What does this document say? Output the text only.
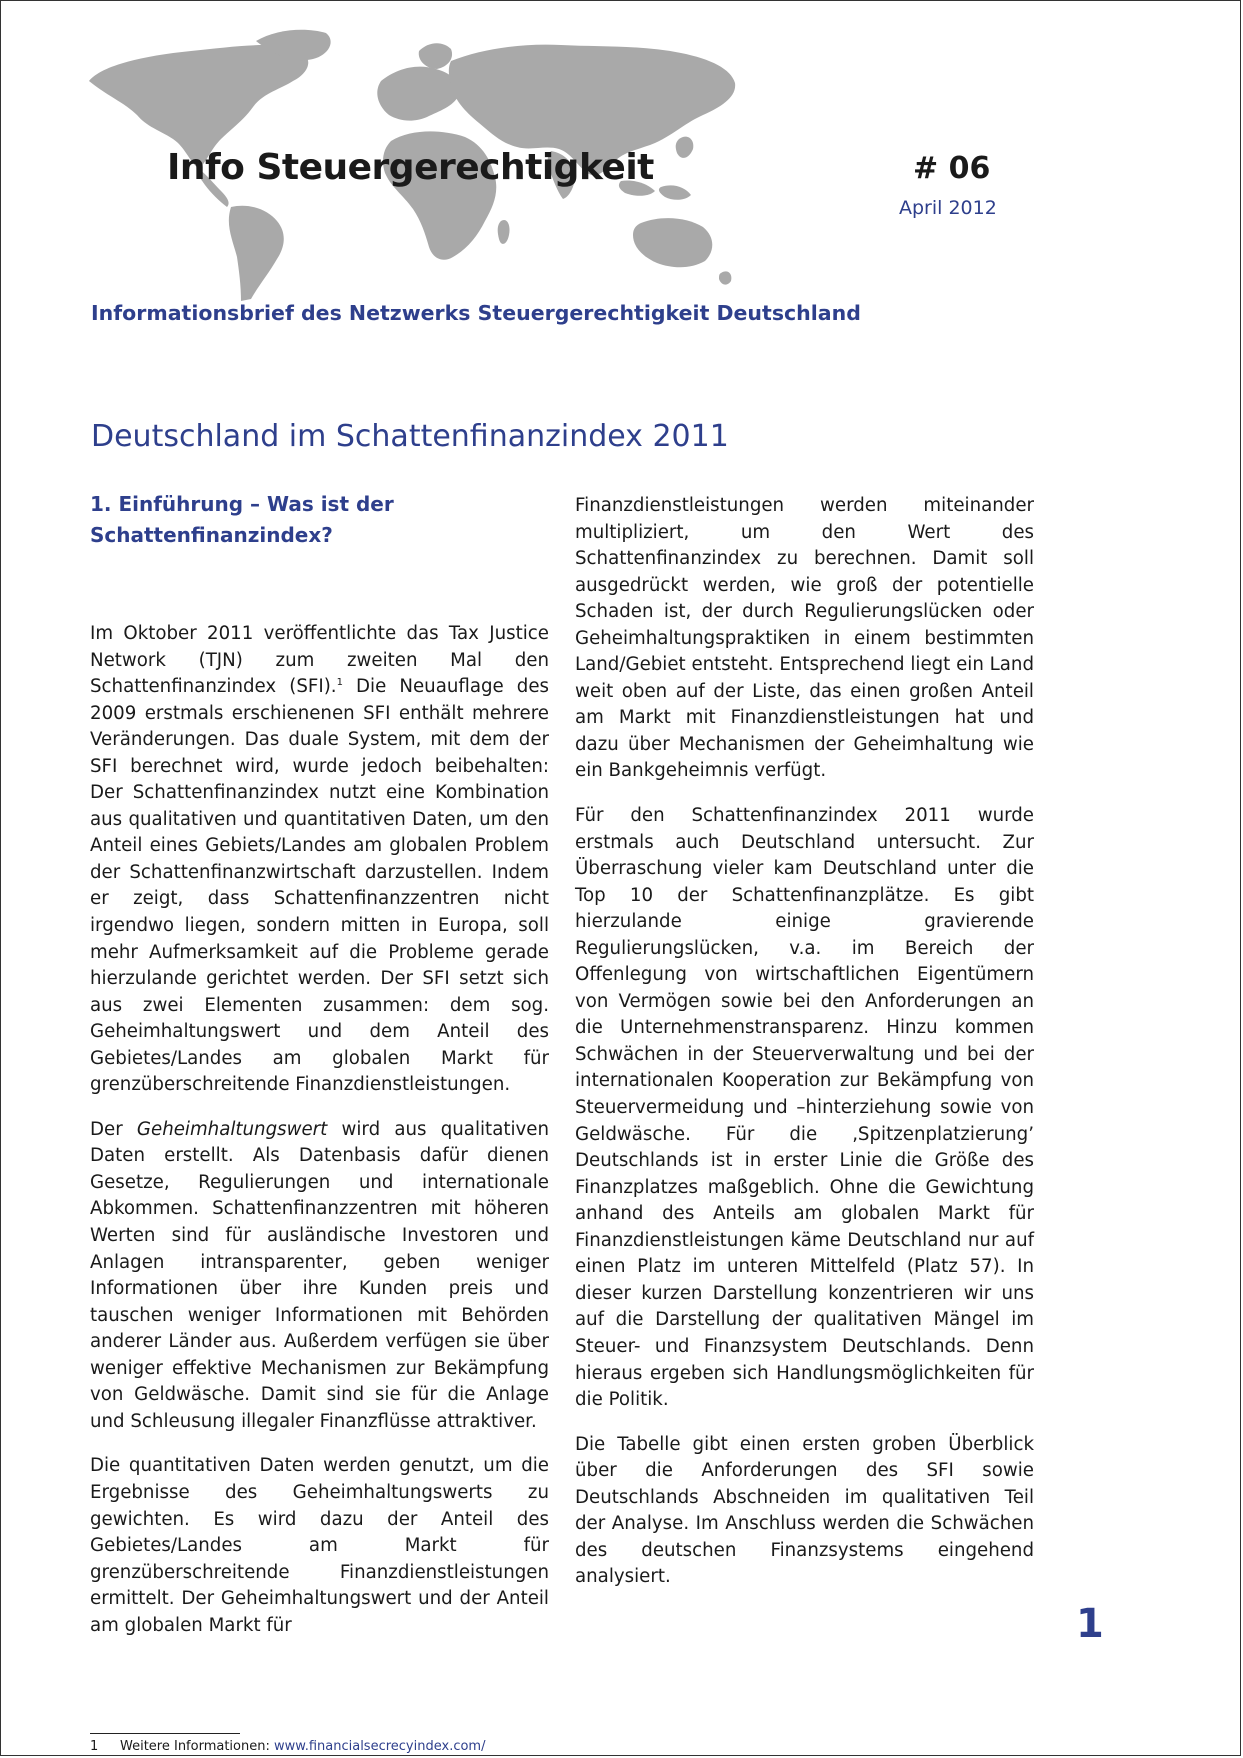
Info Steuergerechtigkeit	# 06
April 2012
Informationsbrief des Netzwerks Steuergerechtigkeit Deutschland
Deutschland im Schattenfinanzindex 2011
1. Einführung – Was ist der
Schattenfinanzindex?

Im Oktober 2011 veröffentlichte das Tax Justice Network (TJN) zum zweiten Mal den Schattenfinanzindex (SFI).$^1$ Die Neuauflage des 2009 erstmals erschienenen SFI enthält mehrere Veränderungen. Das duale System, mit dem der SFI berechnet wird, wurde jedoch beibehalten: Der Schattenfinanzindex nutzt eine Kombination aus qualitativen und quantitativen Daten, um den Anteil eines Gebiets/Landes am globalen Problem der Schattenfinanzwirtschaft darzustellen. Indem er zeigt, dass Schattenfinanzzentren nicht irgendwo liegen, sondern mitten in Europa, soll mehr Aufmerksamkeit auf die Probleme gerade hierzulande gerichtet werden. Der SFI setzt sich aus zwei Elementen zusammen: dem sog. Geheimhaltungswert und dem Anteil des Gebietes/Landes am globalen Markt für grenzüberschreitende Finanzdienstleistungen.

Der Geheimhaltungswert wird aus qualitativen Daten erstellt. Als Datenbasis dafür dienen Gesetze, Regulierungen und internationale Abkommen. Schattenfinanzzentren mit höheren Werten sind für ausländische Investoren und Anlagen intransparenter, geben weniger Informationen über ihre Kunden preis und tauschen weniger Informationen mit Behörden anderer Länder aus. Außerdem verfügen sie über weniger effektive Mechanismen zur Bekämpfung von Geldwäsche. Damit sind sie für die Anlage und Schleusung illegaler Finanzflüsse attraktiver.

Die quantitativen Daten werden genutzt, um die Ergebnisse des Geheimhaltungswerts zu gewichten. Es wird dazu der Anteil des Gebietes/Landes am Markt für grenzüberschreitende Finanzdienstleistungen ermittelt. Der Geheimhaltungswert und der Anteil am globalen Markt für

Finanzdienstleistungen werden miteinander multipliziert, um den Wert des Schattenfinanzindex zu berechnen. Damit soll ausgedrückt werden, wie groß der potentielle Schaden ist, der durch Regulierungslücken oder Geheimhaltungspraktiken in einem bestimmten Land/Gebiet entsteht. Entsprechend liegt ein Land weit oben auf der Liste, das einen großen Anteil am Markt mit Finanzdienstleistungen hat und dazu über Mechanismen der Geheimhaltung wie ein Bankgeheimnis verfügt.

Für den Schattenfinanzindex 2011 wurde erstmals auch Deutschland untersucht. Zur Überraschung vieler kam Deutschland unter die Top 10 der Schattenfinanzplätze. Es gibt hierzulande einige gravierende Regulierungslücken, v.a. im Bereich der Offenlegung von wirtschaftlichen Eigentümern von Vermögen sowie bei den Anforderungen an die Unternehmenstransparenz. Hinzu kommen Schwächen in der Steuerverwaltung und bei der internationalen Kooperation zur Bekämpfung von Steuervermeidung und –hinterziehung sowie von Geldwäsche. Für die ‚Spitzenplatzierung’ Deutschlands ist in erster Linie die Größe des Finanzplatzes maßgeblich. Ohne die Gewichtung anhand des Anteils am globalen Markt für Finanzdienstleistungen käme Deutschland nur auf einen Platz im unteren Mittelfeld (Platz 57). In dieser kurzen Darstellung konzentrieren wir uns auf die Darstellung der qualitativen Mängel im Steuer- und Finanzsystem Deutschlands. Denn hieraus ergeben sich Handlungsmöglichkeiten für die Politik.

Die Tabelle gibt einen ersten groben Überblick über die Anforderungen des SFI sowie Deutschlands Abschneiden im qualitativen Teil der Analyse. Im Anschluss werden die Schwächen des deutschen Finanzsystems eingehend analysiert.

1
1 Weitere Informationen: www.financialsecrecyindex.com/
